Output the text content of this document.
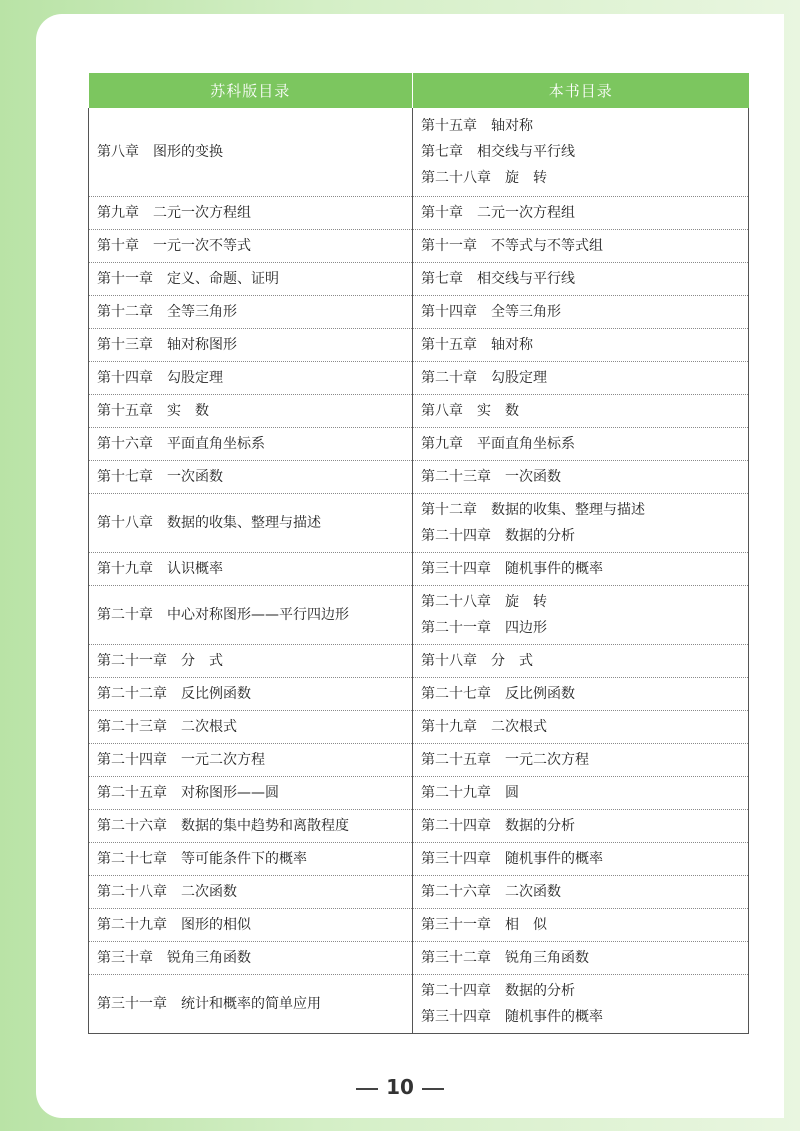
苏科版目录	本书目录

第八章 图形的变换	第十五章 轴对称
第七章 相交线与平行线
第二十八章 旋　转

第九章 二元一次方程组	第十章 二元一次方程组

第十章 一元一次不等式	第十一章 不等式与不等式组

第十一章 定义、命题、证明	第七章 相交线与平行线

第十二章 全等三角形	第十四章 全等三角形

第十三章 轴对称图形	第十五章 轴对称

第十四章 勾股定理	第二十章 勾股定理

第十五章 实　数	第八章 实　数

第十六章 平面直角坐标系	第九章 平面直角坐标系

第十七章 一次函数	第二十三章 一次函数

第十八章 数据的收集、整理与描述	第十二章 数据的收集、整理与描述
第二十四章 数据的分析

第十九章 认识概率	第三十四章 随机事件的概率

第二十章 中心对称图形——平行四边形	第二十八章 旋　转
第二十一章 四边形

第二十一章 分　式	第十八章 分　式

第二十二章 反比例函数	第二十七章 反比例函数

第二十三章 二次根式	第十九章 二次根式

第二十四章 一元二次方程	第二十五章 一元二次方程

第二十五章 对称图形——圆	第二十九章 圆

第二十六章 数据的集中趋势和离散程度	第二十四章 数据的分析

第二十七章 等可能条件下的概率	第三十四章 随机事件的概率

第二十八章 二次函数	第二十六章 二次函数

第二十九章 图形的相似	第三十一章 相　似

第三十章 锐角三角函数	第三十二章 锐角三角函数

第三十一章 统计和概率的简单应用	第二十四章 数据的分析
第三十四章 随机事件的概率
10
